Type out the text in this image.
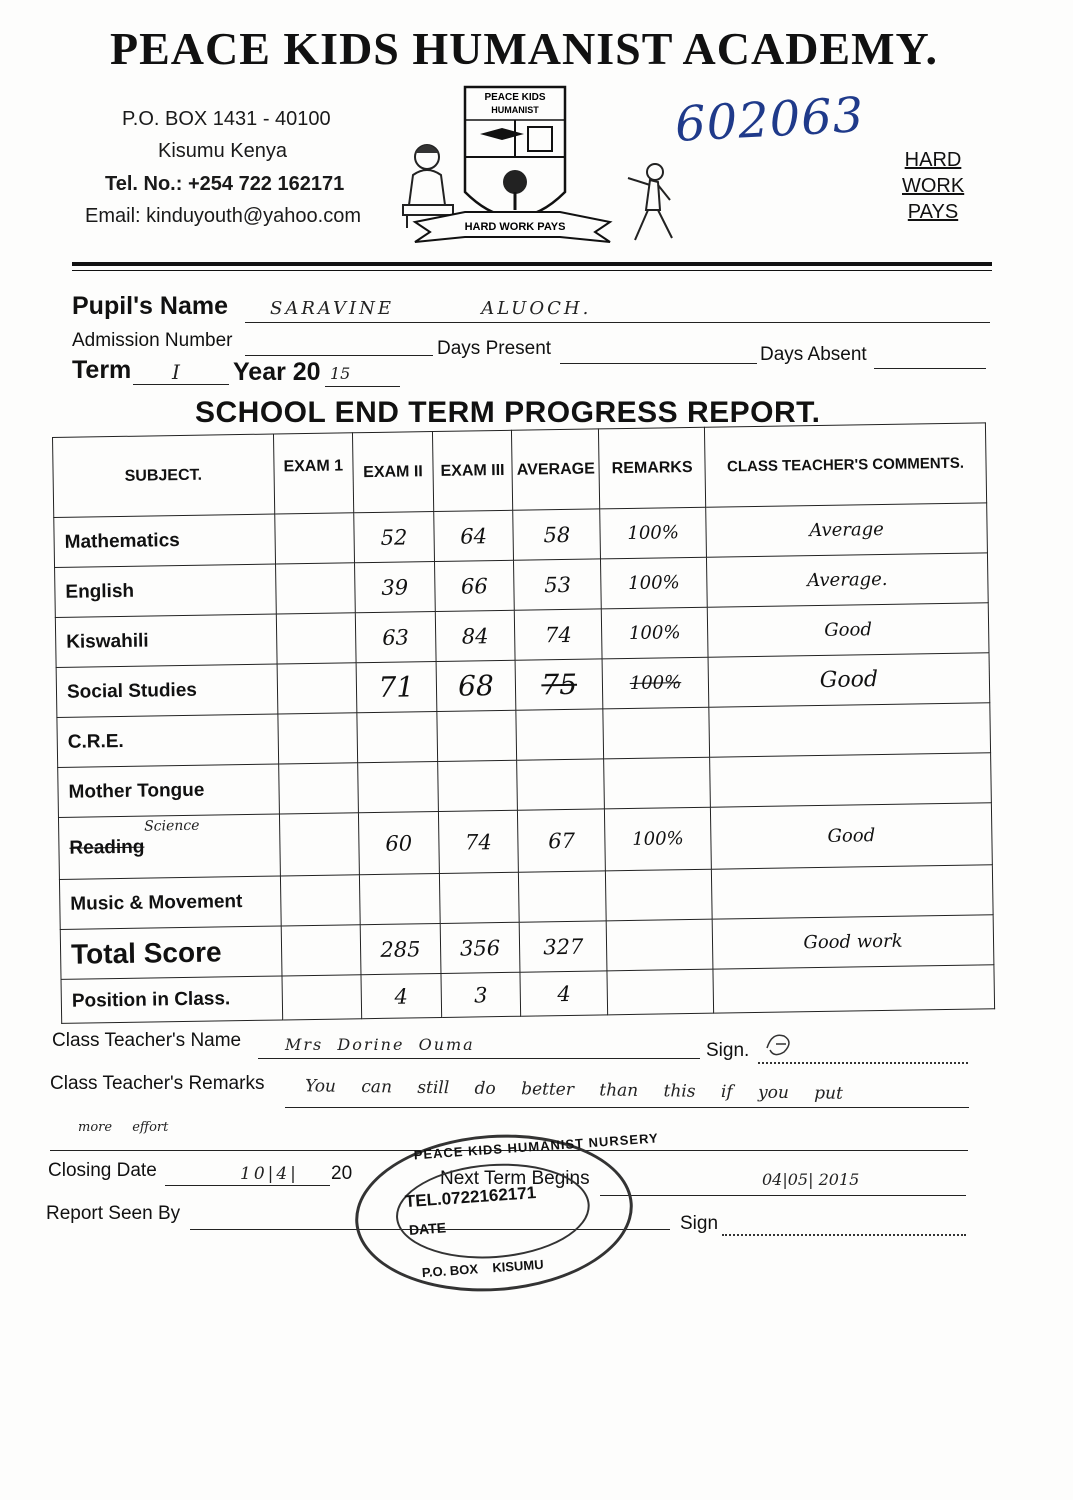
PEACE KIDS HUMANIST ACADEMY.
P.O. BOX 1431 - 40100
Kisumu Kenya
Tel. No.: +254 722 162171
Email: kinduyouth@yahoo.com
PEACE KIDS
HUMANIST
HARD WORK PAYS
602063
HARD
WORK
PAYS
Pupil's Name SARAVINE          ALUOCH.
Admission Number	Days Present	Days Absent
Term I Year 20 15
SCHOOL END TERM PROGRESS REPORT.
SUBJECT.	EXAM 1	EXAM II	EXAM III	AVERAGE	REMARKS	CLASS TEACHER'S COMMENTS.
Mathematics		52	64	58	100%	Average
English		39	66	53	100%	Average.
Kiswahili		63	84	74	100%	Good
Social Studies		71	68	75	100%	Good
C.R.E.						
Mother Tongue						
Reading
Science		60	74	67	100%	Good
Music & Movement						
Total Score		285	356	327		Good work
Position in Class.		4	3	4		
Class Teacher's Name	Mrs  Dorine  Ouma	Sign.
Class Teacher's Remarks You can still do better than this if you put
more effort
Closing Date	10|4| 20	Next Term Begins	04|05| 2015
Report Seen By	Sign
PEACE KIDS HUMANIST NURSERY
TEL.0722162171
DATE
P.O. BOX    KISUMU
